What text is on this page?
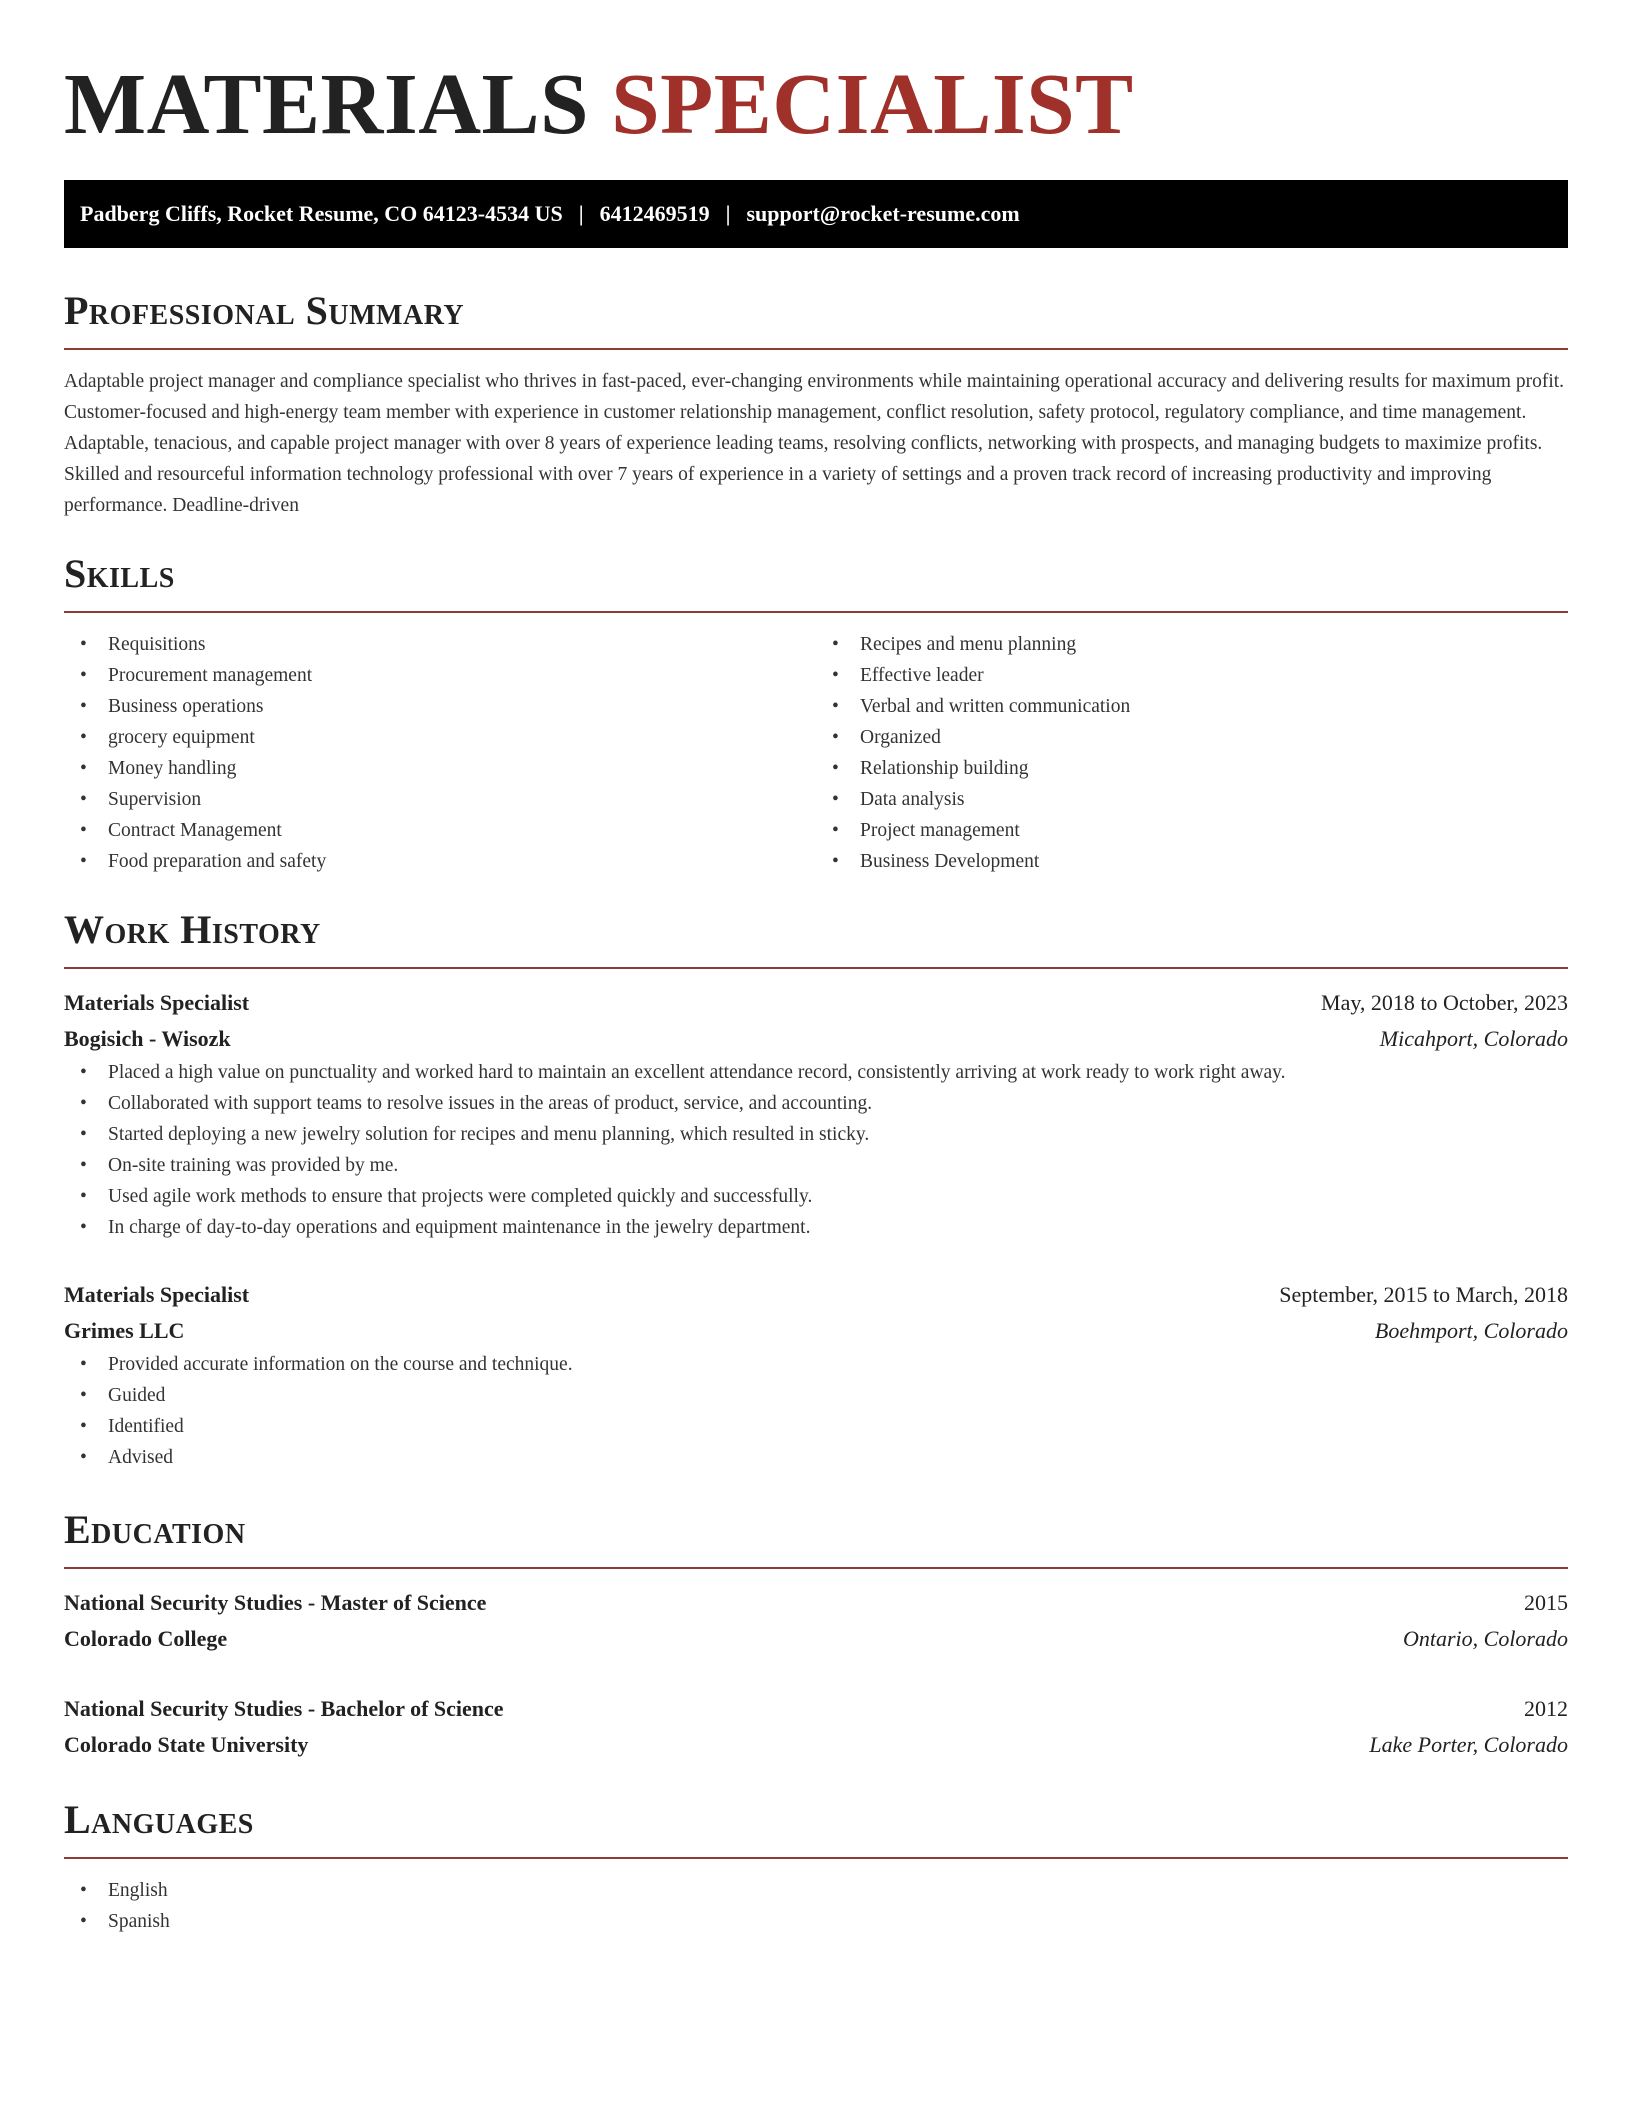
MATERIALS SPECIALIST
Padberg Cliffs, Rocket Resume, CO 64123-4534 US | 6412469519 | support@rocket-resume.com
Professional Summary

Adaptable project manager and compliance specialist who thrives in fast-paced, ever-changing environments while maintaining operational accuracy and delivering results for maximum profit. Customer-focused and high-energy team member with experience in customer relationship management, conflict resolution, safety protocol, regulatory compliance, and time management. Adaptable, tenacious, and capable project manager with over 8 years of experience leading teams, resolving conflicts, networking with prospects, and managing budgets to maximize profits. Skilled and resourceful information technology professional with over 7 years of experience in a variety of settings and a proven track record of increasing productivity and improving performance. Deadline-driven

Skills
• Requisitions
• Procurement management
• Business operations
• grocery equipment
• Money handling
• Supervision
• Contract Management
• Food preparation and safety
• Recipes and menu planning
• Effective leader
• Verbal and written communication
• Organized
• Relationship building
• Data analysis
• Project management
• Business Development
Work History
Materials Specialist	May, 2018 to October, 2023
Bogisich - Wisozk	Micahport, Colorado
• Placed a high value on punctuality and worked hard to maintain an excellent attendance record, consistently arriving at work ready to work right away.
• Collaborated with support teams to resolve issues in the areas of product, service, and accounting.
• Started deploying a new jewelry solution for recipes and menu planning, which resulted in sticky.
• On-site training was provided by me.
• Used agile work methods to ensure that projects were completed quickly and successfully.
• In charge of day-to-day operations and equipment maintenance in the jewelry department.
Materials Specialist	September, 2015 to March, 2018
Grimes LLC	Boehmport, Colorado
• Provided accurate information on the course and technique.
• Guided
• Identified
• Advised
Education
National Security Studies - Master of Science	2015
Colorado College	Ontario, Colorado
National Security Studies - Bachelor of Science	2012
Colorado State University	Lake Porter, Colorado
Languages
• English
• Spanish
